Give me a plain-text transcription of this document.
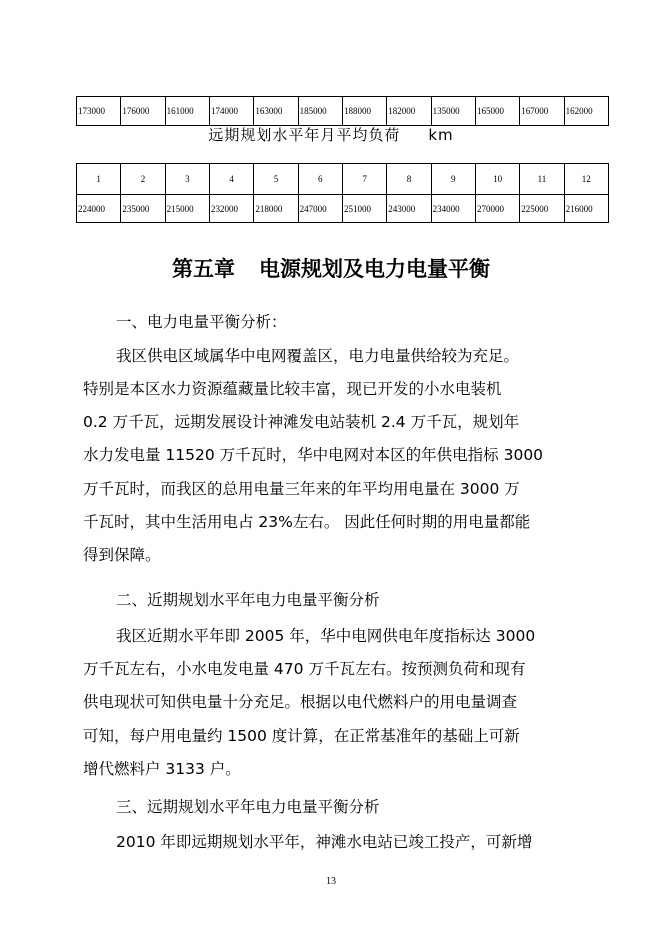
173000	176000	161000	174000	163000	185000	188000	182000	135000	165000	167000	162000
远期规划水平年月平均负荷 km
1	2	3	4	5	6	7	8	9	10	11	12
224000	235000	215000	232000	218000	247000	251000	243000	234000	270000	225000	216000
第五章 电源规划及电力电量平衡
一、电力电量平衡分析：
我区供电区域属华中电网覆盖区，电力电量供给较为充足。
特别是本区水力资源蕴藏量比较丰富，现已开发的小水电装机
0.2 万千瓦，远期发展设计神滩发电站装机 2.4 万千瓦，规划年
水力发电量 11520 万千瓦时，华中电网对本区的年供电指标 3000
万千瓦时，而我区的总用电量三年来的年平均用电量在 3000 万
千瓦时，其中生活用电占 23%左右。 因此任何时期的用电量都能
得到保障。
二、近期规划水平年电力电量平衡分析
我区近期水平年即 2005 年，华中电网供电年度指标达 3000
万千瓦左右，小水电发电量 470 万千瓦左右。按预测负荷和现有
供电现状可知供电量十分充足。根据以电代燃料户的用电量调查
可知，每户用电量约 1500 度计算，在正常基准年的基础上可新
增代燃料户 3133 户。
三、远期规划水平年电力电量平衡分析
2010 年即远期规划水平年，神滩水电站已竣工投产，可新增
13
